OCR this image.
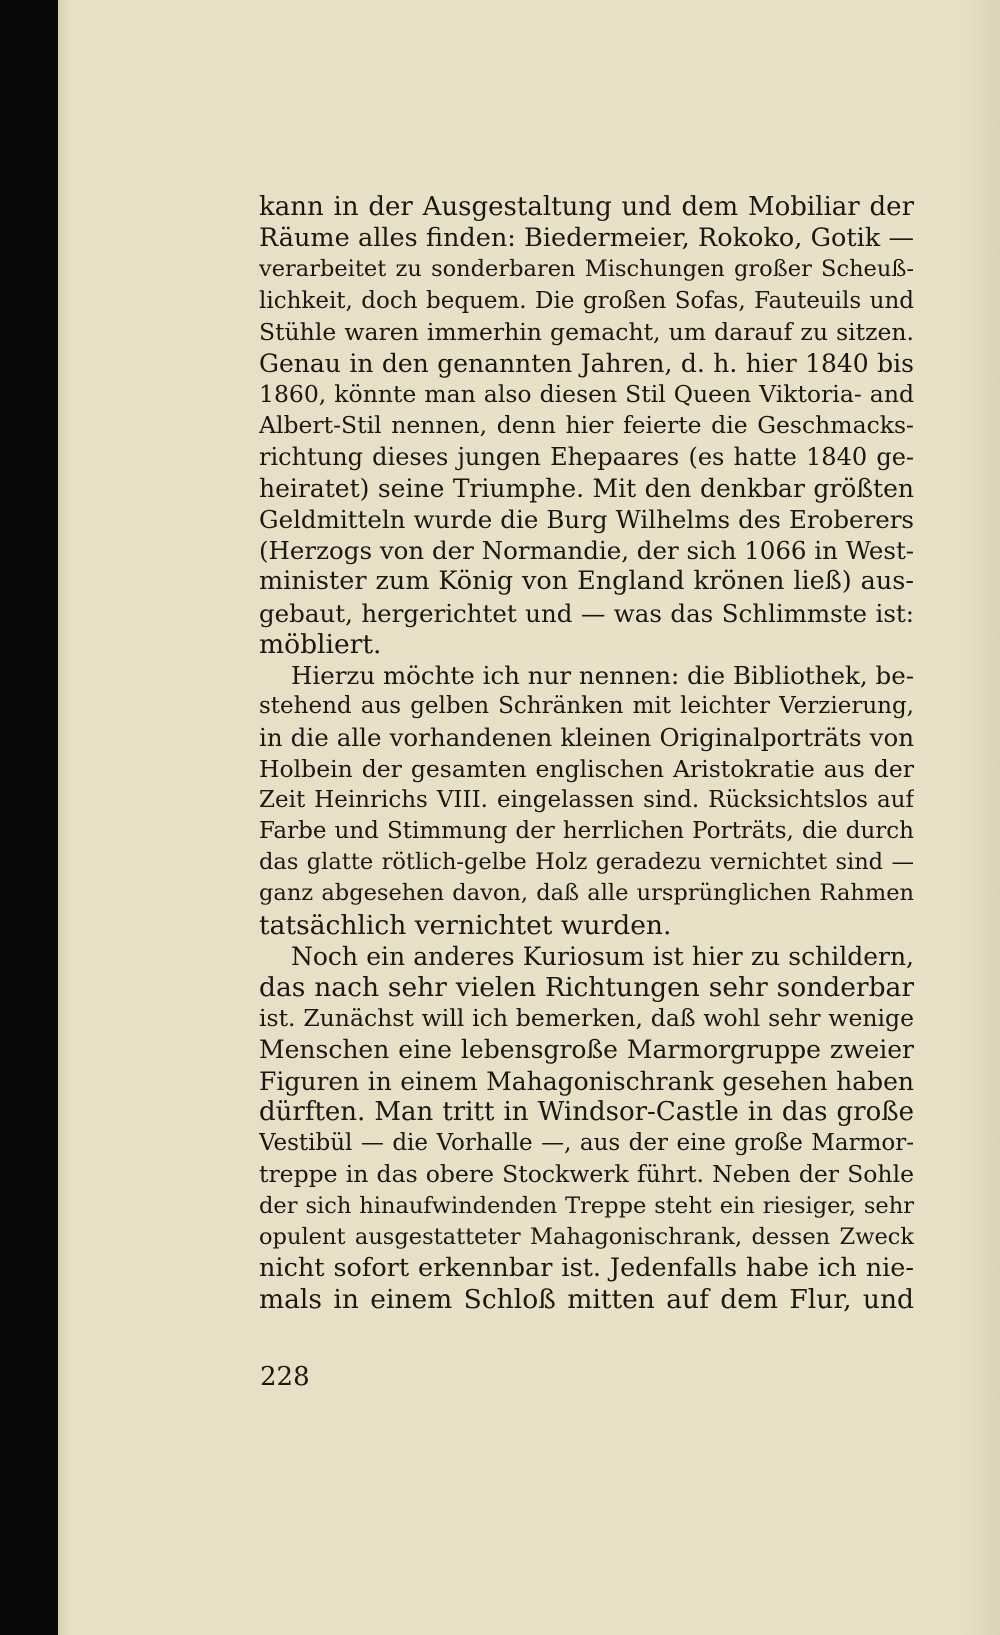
kann in der Ausgestaltung und dem Mobiliar der

Räume alles finden: Biedermeier, Rokoko, Gotik —

verarbeitet zu sonderbaren Mischungen großer Scheuß-

lichkeit, doch bequem. Die großen Sofas, Fauteuils und

Stühle waren immerhin gemacht, um darauf zu sitzen.

Genau in den genannten Jahren, d. h. hier 1840 bis

1860, könnte man also diesen Stil Queen Viktoria- and

Albert-Stil nennen, denn hier feierte die Geschmacks-

richtung dieses jungen Ehepaares (es hatte 1840 ge-

heiratet) seine Triumphe. Mit den denkbar größten

Geldmitteln wurde die Burg Wilhelms des Eroberers

(Herzogs von der Normandie, der sich 1066 in West-

minister zum König von England krönen ließ) aus-

gebaut, hergerichtet und — was das Schlimmste ist:

möbliert.

Hierzu möchte ich nur nennen: die Bibliothek, be-

stehend aus gelben Schränken mit leichter Verzierung,

in die alle vorhandenen kleinen Originalporträts von

Holbein der gesamten englischen Aristokratie aus der

Zeit Heinrichs VIII. eingelassen sind. Rücksichtslos auf

Farbe und Stimmung der herrlichen Porträts, die durch

das glatte rötlich-gelbe Holz geradezu vernichtet sind —

ganz abgesehen davon, daß alle ursprünglichen Rahmen

tatsächlich vernichtet wurden.

Noch ein anderes Kuriosum ist hier zu schildern,

das nach sehr vielen Richtungen sehr sonderbar

ist. Zunächst will ich bemerken, daß wohl sehr wenige

Menschen eine lebensgroße Marmorgruppe zweier

Figuren in einem Mahagonischrank gesehen haben

dürften. Man tritt in Windsor-Castle in das große

Vestibül — die Vorhalle —, aus der eine große Marmor-

treppe in das obere Stockwerk führt. Neben der Sohle

der sich hinaufwindenden Treppe steht ein riesiger, sehr

opulent ausgestatteter Mahagonischrank, dessen Zweck

nicht sofort erkennbar ist. Jedenfalls habe ich nie-

mals in einem Schloß mitten auf dem Flur, und

228
